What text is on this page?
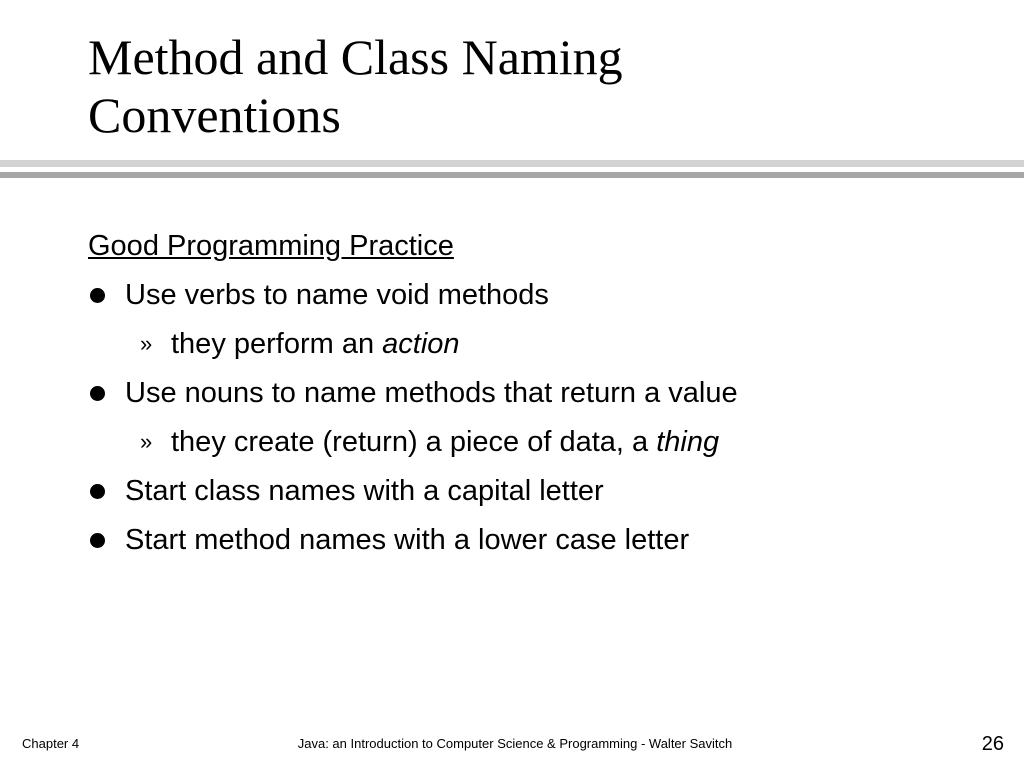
Method and Class Naming
Conventions
Good Programming Practice
Use verbs to name void methods
» they perform an action
Use nouns to name methods that return a value
» they create (return) a piece of data, a thing
Start class names with a capital letter
Start method names with a lower case letter
Chapter 4	Java: an Introduction to Computer Science & Programming - Walter Savitch	26
